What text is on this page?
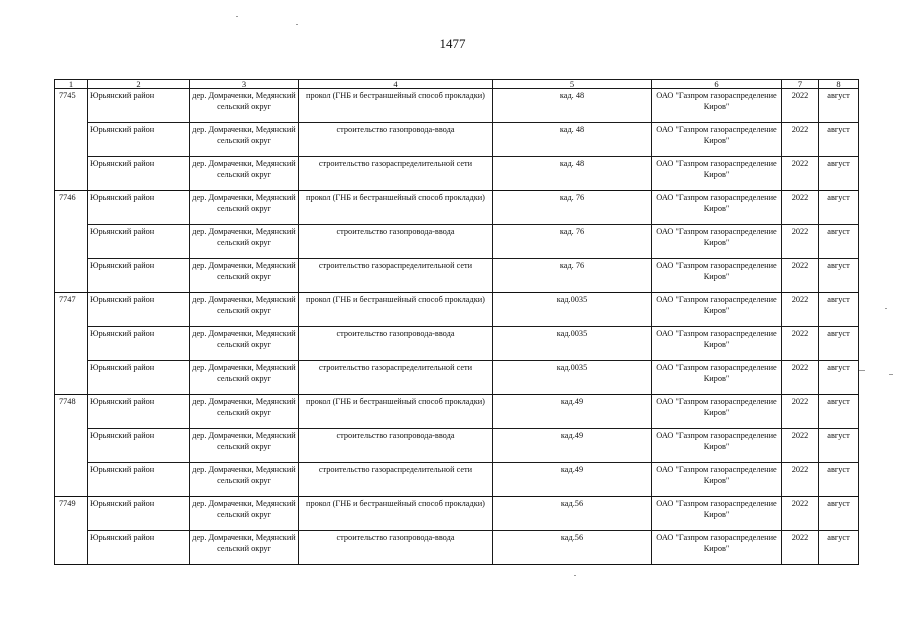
1477
1	2	3	4	5	6	7	8
7745	Юрьянский район	дер. Домраченки, Медянский сельский округ	прокол (ГНБ и бестраншейный способ прокладки)	кад. 48	ОАО "Газпром газораспределение Киров"	2022	август
	Юрьянский район	дер. Домраченки, Медянский сельский округ	строительство газопровода-ввода	кад. 48	ОАО "Газпром газораспределение Киров"	2022	август
	Юрьянский район	дер. Домраченки, Медянский сельский округ	строительство газораспределительной сети	кад. 48	ОАО "Газпром газораспределение Киров"	2022	август
7746	Юрьянский район	дер. Домраченки, Медянский сельский округ	прокол (ГНБ и бестраншейный способ прокладки)	кад. 76	ОАО "Газпром газораспределение Киров"	2022	август
	Юрьянский район	дер. Домраченки, Медянский сельский округ	строительство газопровода-ввода	кад. 76	ОАО "Газпром газораспределение Киров"	2022	август
	Юрьянский район	дер. Домраченки, Медянский сельский округ	строительство газораспределительной сети	кад. 76	ОАО "Газпром газораспределение Киров"	2022	август
7747	Юрьянский район	дер. Домраченки, Медянский сельский округ	прокол (ГНБ и бестраншейный способ прокладки)	кад.0035	ОАО "Газпром газораспределение Киров"	2022	август
	Юрьянский район	дер. Домраченки, Медянский сельский округ	строительство газопровода-ввода	кад.0035	ОАО "Газпром газораспределение Киров"	2022	август
	Юрьянский район	дер. Домраченки, Медянский сельский округ	строительство газораспределительной сети	кад.0035	ОАО "Газпром газораспределение Киров"	2022	август
7748	Юрьянский район	дер. Домраченки, Медянский сельский округ	прокол (ГНБ и бестраншейный способ прокладки)	кад.49	ОАО "Газпром газораспределение Киров"	2022	август
	Юрьянский район	дер. Домраченки, Медянский сельский округ	строительство газопровода-ввода	кад.49	ОАО "Газпром газораспределение Киров"	2022	август
	Юрьянский район	дер. Домраченки, Медянский сельский округ	строительство газораспределительной сети	кад.49	ОАО "Газпром газораспределение Киров"	2022	август
7749	Юрьянский район	дер. Домраченки, Медянский сельский округ	прокол (ГНБ и бестраншейный способ прокладки)	кад.56	ОАО "Газпром газораспределение Киров"	2022	август
	Юрьянский район	дер. Домраченки, Медянский сельский округ	строительство газопровода-ввода	кад.56	ОАО "Газпром газораспределение Киров"	2022	август
